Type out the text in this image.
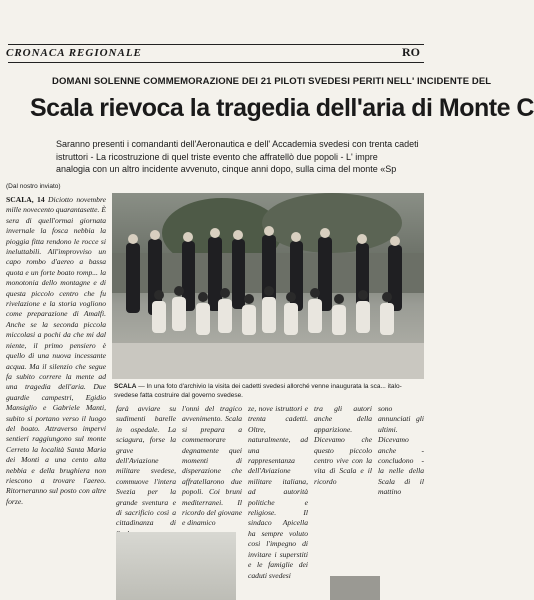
CRONACA REGIONALE	RO
DOMANI SOLENNE COMMEMORAZIONE DEI 21 PILOTI SVEDESI PERITI NELL' INCIDENTE DEL
Scala rievoca la tragedia dell'aria di Monte C
Saranno presenti i comandanti dell'Aeronautica e dell' Accademia svedesi con trenta cadeti
istruttori - La ricostruzione di quel triste evento che affratellò due popoli - L' impre
analogia con un altro incidente avvenuto, cinque anni dopo, sulla cima del monte «Sp
(Dal nostro inviato)
SCALA, 14 Diciotto novembre mille novecento quarantasette. È sera di quell'ormai giornata invernale la fosca nebbia la pioggia fitta rendono le rocce si ineluttabili. All'improvviso un capo rombo d'aereo a bassa quota e un forte boato romp... la monotonia dello montagne e di questa piccolo centro che fu rivelazione e la storia vogliono come preparazione di Amalfi. Anche se la seconda piccola miccolasi a pochi da che mi dal niente, il primo pensiero è quello di una nuova incessante acqua. Ma il silenzio che segue fa subito correre la mente ad una tragedia dell'aria. Due guardie campestri, Egidio Mansiglio e Gabriele Manti, subito si portano verso il luogo del boato. Attraverso impervi sentieri raggiungono sul monte Cerreto la località Santa Maria dei Monti a una cento alta nebbia e della brughiera non riescono a trovare l'aereo. Ritorneranno sul posto con altre forze.
SCALA — In una foto d'archivio la visita dei cadetti svedesi allorché venne inaugurata la sca... italo-svedese fatta costruire dal governo svedese.
farà avviare su sudimenti barelle in ospedale. La sciagura, forse la grave dell'Aviazione militare svedese, commuove l'intera Svezia per la grande sventura e di sacrificio così a cittadinanza di
l'onni del tragico avvenimento. Scala si prepara a commemorare degnamente quei momenti di disperazione che affratellarono due popoli. Coi bruni mediterranei. Il ricordo del giovane e dinamico
ze, nove istruttori e trenta cadetti. Oltre, naturalmente, ad una rappresentanza dell'Aviazione militare italiana, ad autorità politiche e religiose. Il sindaco Apicella ha sempre voluto cosi l'impegno di invitare i superstiti e le famiglie dei caduti svedesi
tra gli autori anche della apparizione. Dicevamo che questo piccolo centro vive con la vita di Scala e il ricordo
sono annunciati gli ultimi. Dicevamo anche - concludono - la nelle della Scala di il mattino
